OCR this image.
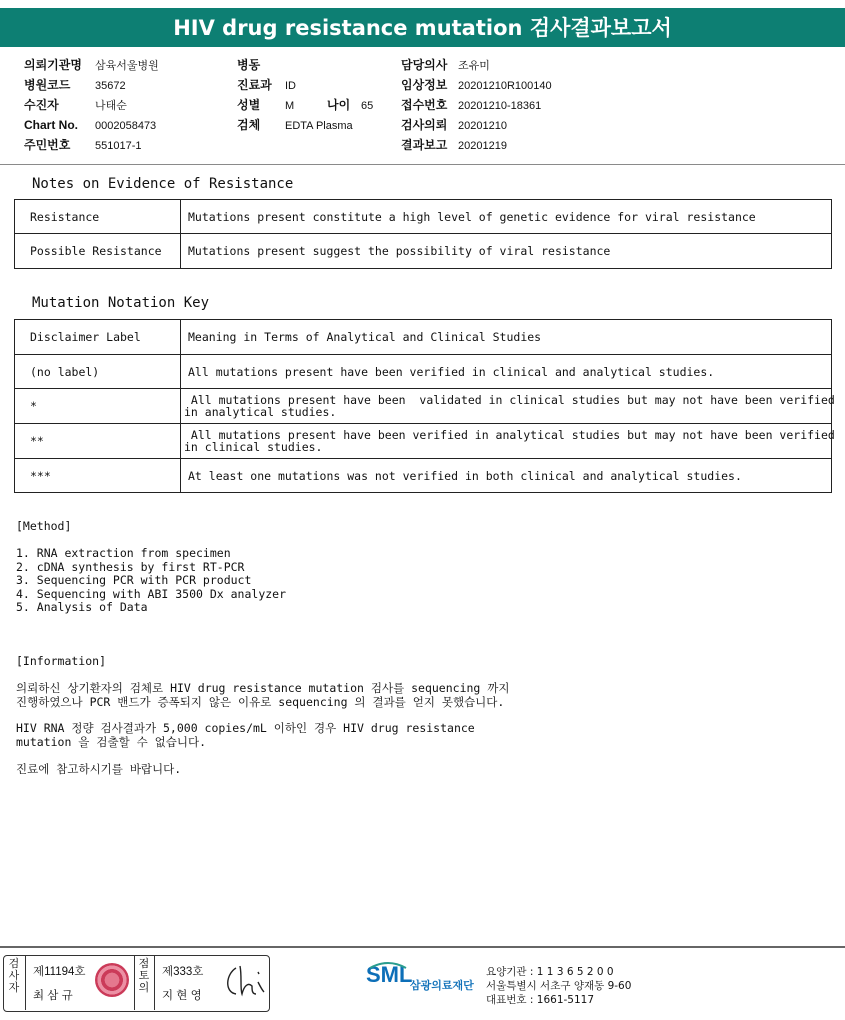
HIV drug resistance mutation 검사결과보고서
의뢰기관명 삼육서울병원
병원코드 35672
수진자	나태순
Chart No. 0002058473
주민번호 551017-1
병동
진료과 ID
성별 M	나이 65
검체 EDTA Plasma
담당의사 조유미
임상정보 20201210R100140
접수번호 20201210-18361
검사의뢰 20201210
결과보고 20201219
Notes on Evidence of Resistance
Resistance	Mutations present constitute a high level of genetic evidence for viral resistance
Possible Resistance	Mutations present suggest the possibility of viral resistance
Mutation Notation Key
Disclaimer Label	Meaning in Terms of Analytical and Clinical Studies
(no label)	All mutations present have been verified in clinical and analytical studies.
*	All mutations present have been  validated in clinical studies but may not have been verified
in analytical studies.
**	All mutations present have been verified in analytical studies but may not have been verified
in clinical studies.
***	At least one mutations was not verified in both clinical and analytical studies.
[Method]
1. RNA extraction from specimen
2. cDNA synthesis by first RT-PCR
3. Sequencing PCR with PCR product
4. Sequencing with ABI 3500 Dx analyzer
5. Analysis of Data
[Information]
의뢰하신 상기환자의 검체로 HIV drug resistance mutation 검사를 sequencing 까지
진행하였으나 PCR 밴드가 증폭되지 않은 이유로 sequencing 의 결과를 얻지 못했습니다.
HIV RNA 정량 검사결과가 5,000 copies/mL 이하인 경우 HIV drug resistance
mutation 을 검출할 수 없습니다.
진료에 참고하시기를 바랍니다.
검
사
자
제11194호
최 삼 규
점
토
의
제333호
지 현 영
SML
삼광의료재단
요양기관 : 1 1 3 6 5 2 0 0
서울특별시 서초구 양재동 9-60
대표번호 : 1661-5117
